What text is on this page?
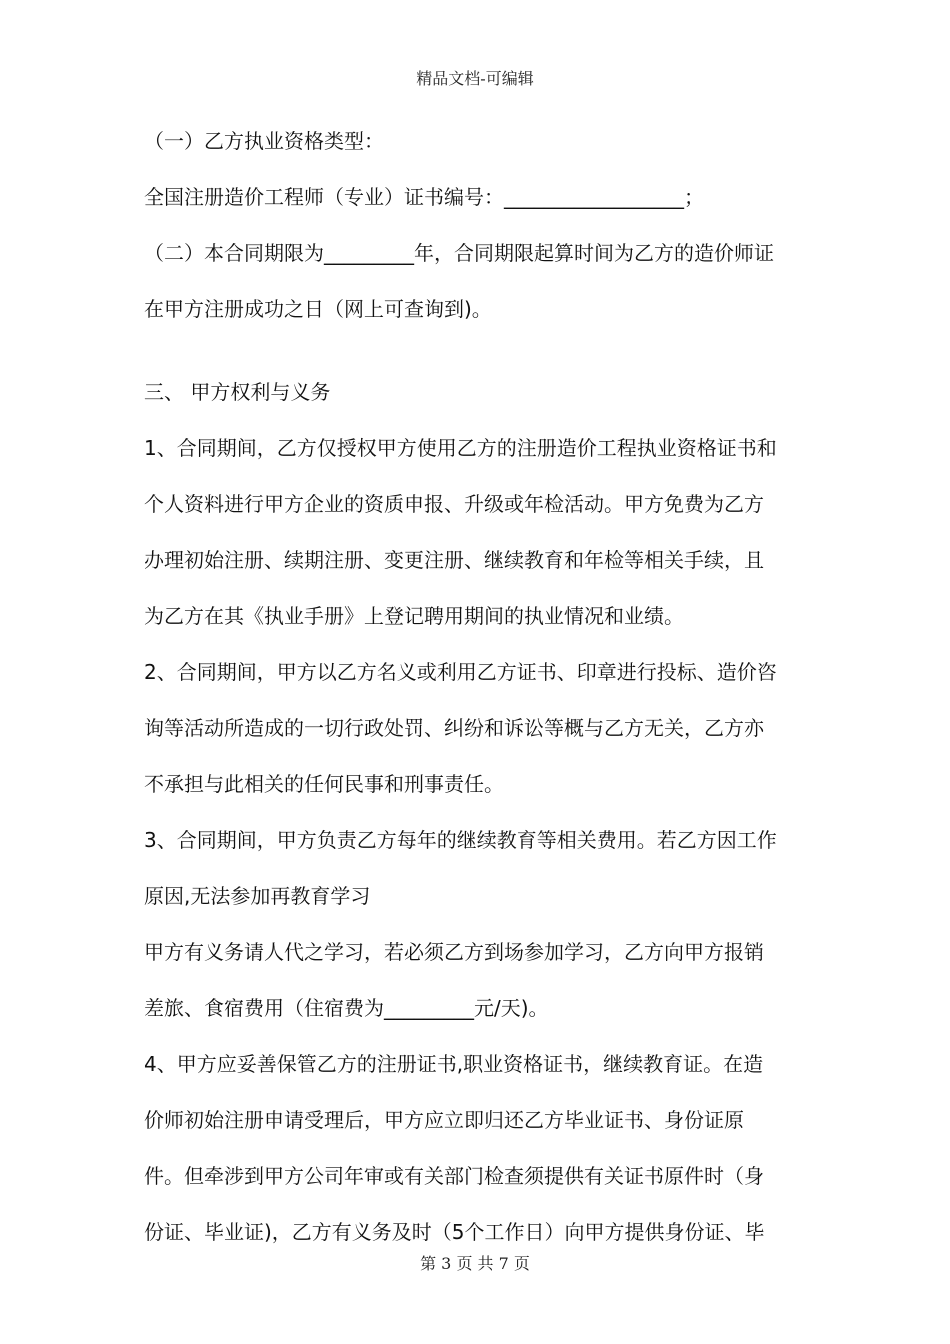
精品文档-可编辑
（一）乙方执业资格类型：
全国注册造价工程师（专业）证书编号：__________________；
（二）本合同期限为_________年，合同期限起算时间为乙方的造价师证
在甲方注册成功之日（网上可查询到)。
三、 甲方权利与义务
1、合同期间，乙方仅授权甲方使用乙方的注册造价工程执业资格证书和
个人资料进行甲方企业的资质申报、升级或年检活动。甲方免费为乙方
办理初始注册、续期注册、变更注册、继续教育和年检等相关手续，且
为乙方在其《执业手册》上登记聘用期间的执业情况和业绩。
2、合同期间，甲方以乙方名义或利用乙方证书、印章进行投标、造价咨
询等活动所造成的一切行政处罚、纠纷和诉讼等概与乙方无关，乙方亦
不承担与此相关的任何民事和刑事责任。
3、合同期间，甲方负责乙方每年的继续教育等相关费用。若乙方因工作
原因,无法参加再教育学习
甲方有义务请人代之学习，若必须乙方到场参加学习，乙方向甲方报销
差旅、食宿费用（住宿费为_________元/天)。
4、甲方应妥善保管乙方的注册证书,职业资格证书，继续教育证。在造
价师初始注册申请受理后，甲方应立即归还乙方毕业证书、身份证原
件。但牵涉到甲方公司年审或有关部门检查须提供有关证书原件时（身
份证、毕业证)，乙方有义务及时（5个工作日）向甲方提供身份证、毕
第 3 页 共 7 页
